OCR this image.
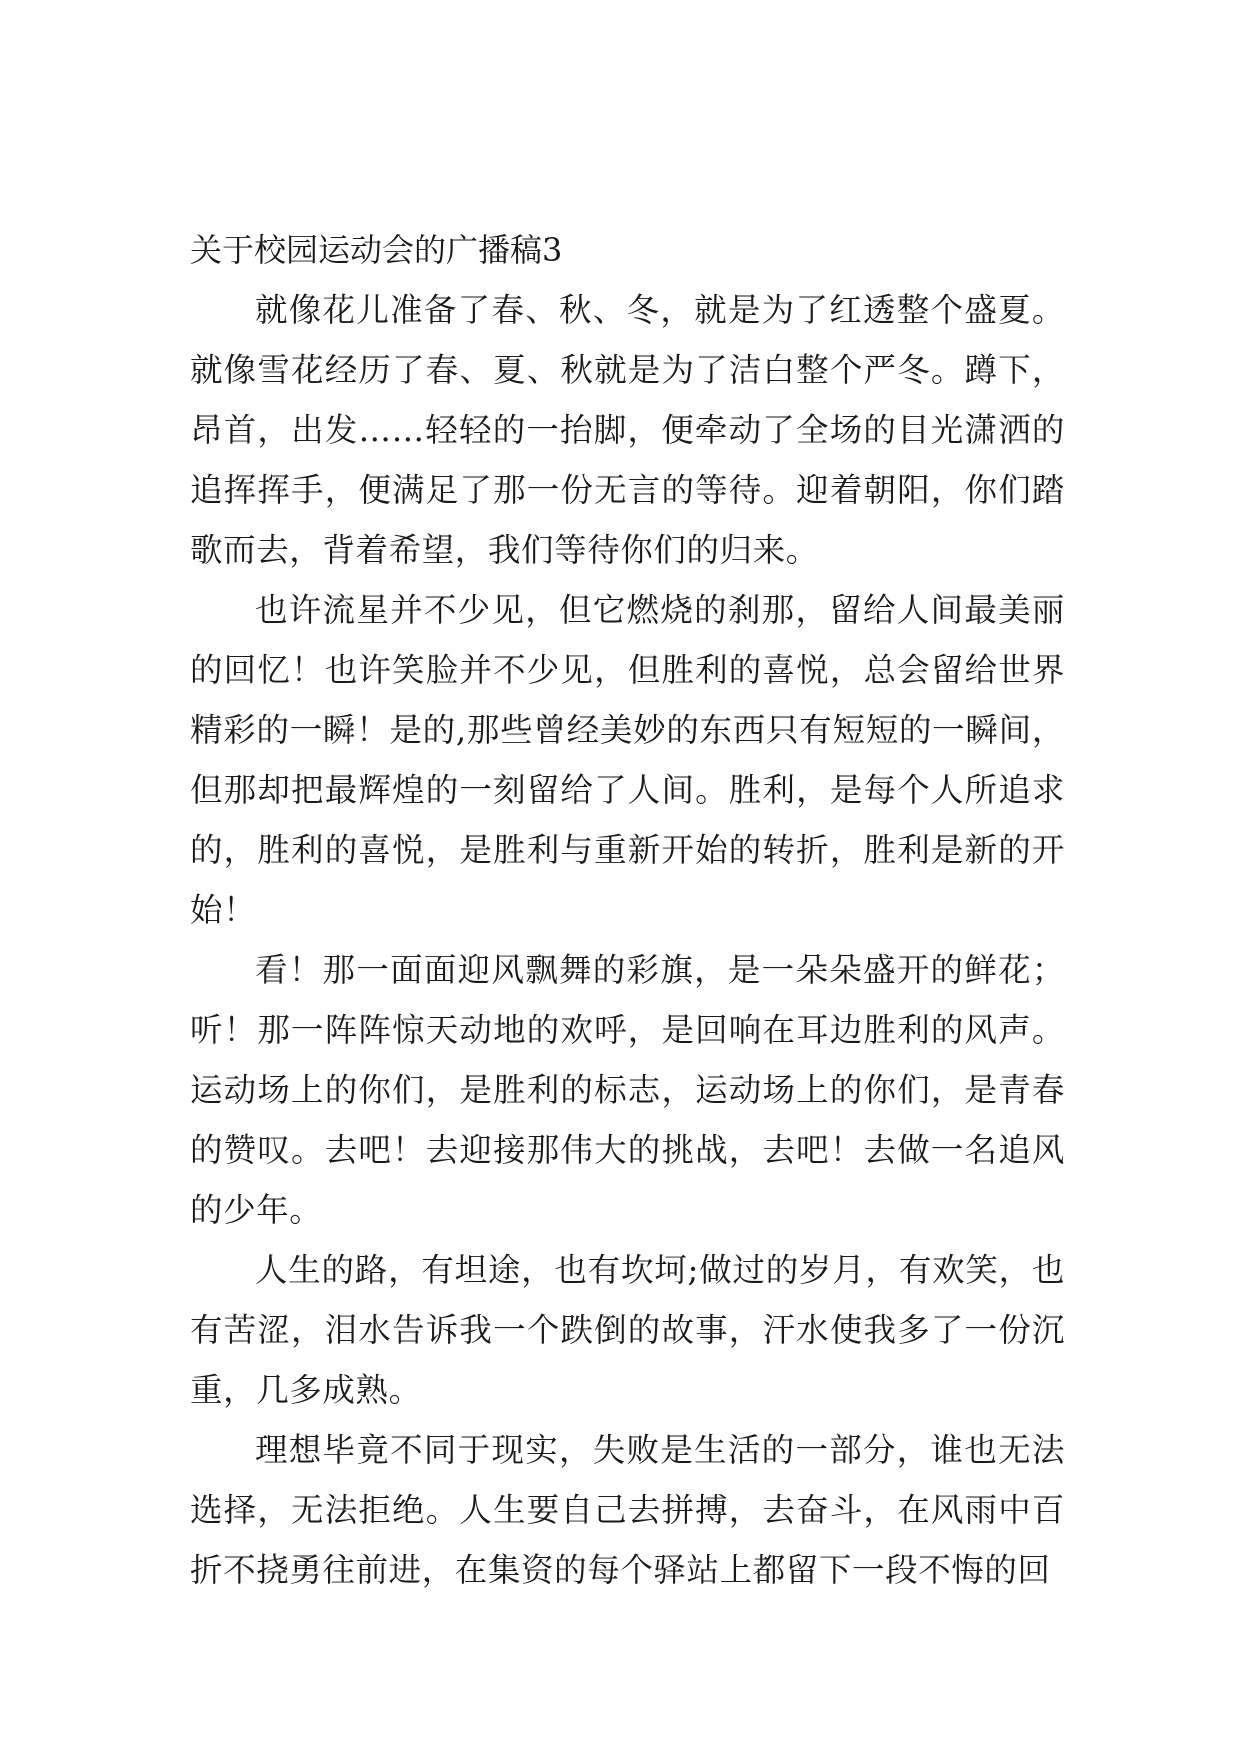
关于校园运动会的广播稿3

就像花儿准备了春、秋、冬，就是为了红透整个盛夏。就像雪花经历了春、夏、秋就是为了洁白整个严冬。蹲下，昂首，出发……轻轻的一抬脚，便牵动了全场的目光潇洒的追挥挥手，便满足了那一份无言的等待。迎着朝阳，你们踏歌而去，背着希望，我们等待你们的归来。

也许流星并不少见，但它燃烧的刹那，留给人间最美丽的回忆！也许笑脸并不少见，但胜利的喜悦，总会留给世界精彩的一瞬！是的,那些曾经美妙的东西只有短短的一瞬间，但那却把最辉煌的一刻留给了人间。胜利，是每个人所追求的，胜利的喜悦，是胜利与重新开始的转折，胜利是新的开始！

看！那一面面迎风飘舞的彩旗，是一朵朵盛开的鲜花；听！那一阵阵惊天动地的欢呼，是回响在耳边胜利的风声。运动场上的你们，是胜利的标志，运动场上的你们，是青春的赞叹。去吧！去迎接那伟大的挑战，去吧！去做一名追风的少年。

人生的路，有坦途，也有坎坷;做过的岁月，有欢笑，也有苦涩，泪水告诉我一个跌倒的故事，汗水使我多了一份沉重，几多成熟。

理想毕竟不同于现实，失败是生活的一部分，谁也无法选择，无法拒绝。人生要自己去拼搏，去奋斗，在风雨中百折不挠勇往前进，在集资的每个驿站上都留下一段不悔的回
